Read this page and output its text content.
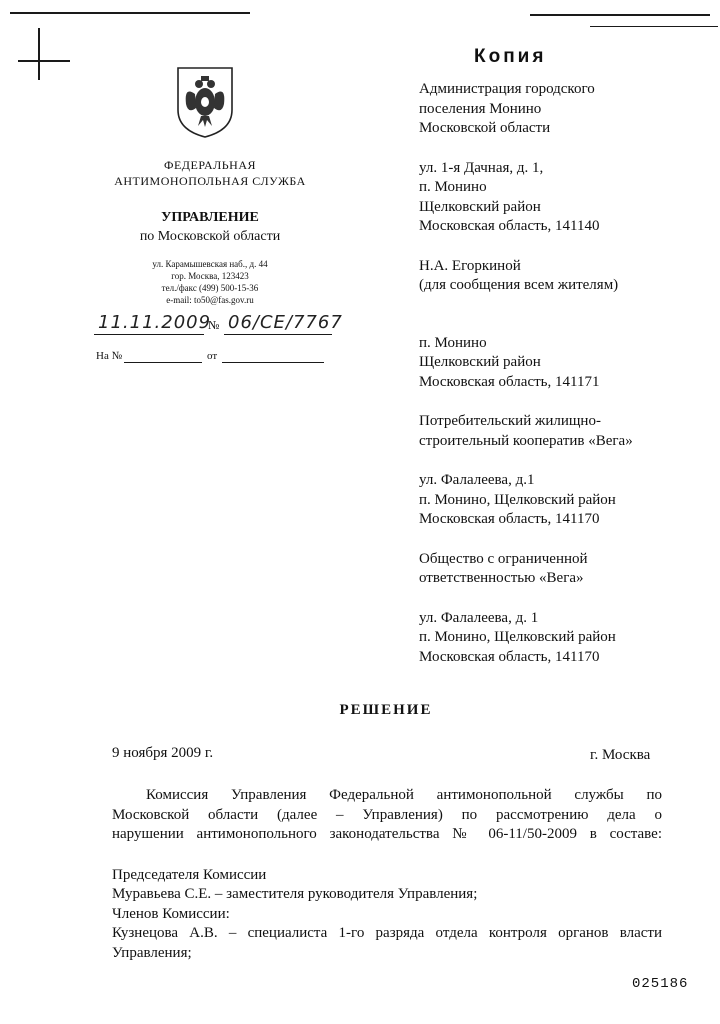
Копия
ФЕДЕРАЛЬНАЯ
АНТИМОНОПОЛЬНАЯ СЛУЖБА
УПРАВЛЕНИЕ
по Московской области
ул. Карамышевская наб., д. 44
гор. Москва, 123423
тел./факс (499) 500-15-36
e-mail: to50@fas.gov.ru
11.11.2009
№ 06/СЕ/7767
На №	от
Администрация городского
поселения Монино
Московской области
ул. 1-я Дачная, д. 1,
п. Монино
Щелковский район
Московская область, 141140
Н.А. Егоркиной
(для сообщения всем жителям)
п. Монино
Щелковский район
Московская область, 141171
Потребительский жилищно-
строительный кооператив «Вега»
ул. Фалалеева, д.1
п. Монино, Щелковский район
Московская область, 141170
Общество с ограниченной
ответственностью «Вега»
ул. Фалалеева, д. 1
п. Монино, Щелковский район
Московская область, 141170
РЕШЕНИЕ
9 ноября 2009 г.	г. Москва
Комиссия Управления Федеральной антимонопольной службы по
Московской области (далее – Управления) по рассмотрению дела о
нарушении антимонопольного законодательства № 06-11/50-2009 в составе:
Председателя Комиссии
Муравьева С.Е. – заместителя руководителя Управления;
Членов Комиссии:
Кузнецова А.В. – специалиста 1-го разряда отдела контроля органов власти
Управления;
025186
